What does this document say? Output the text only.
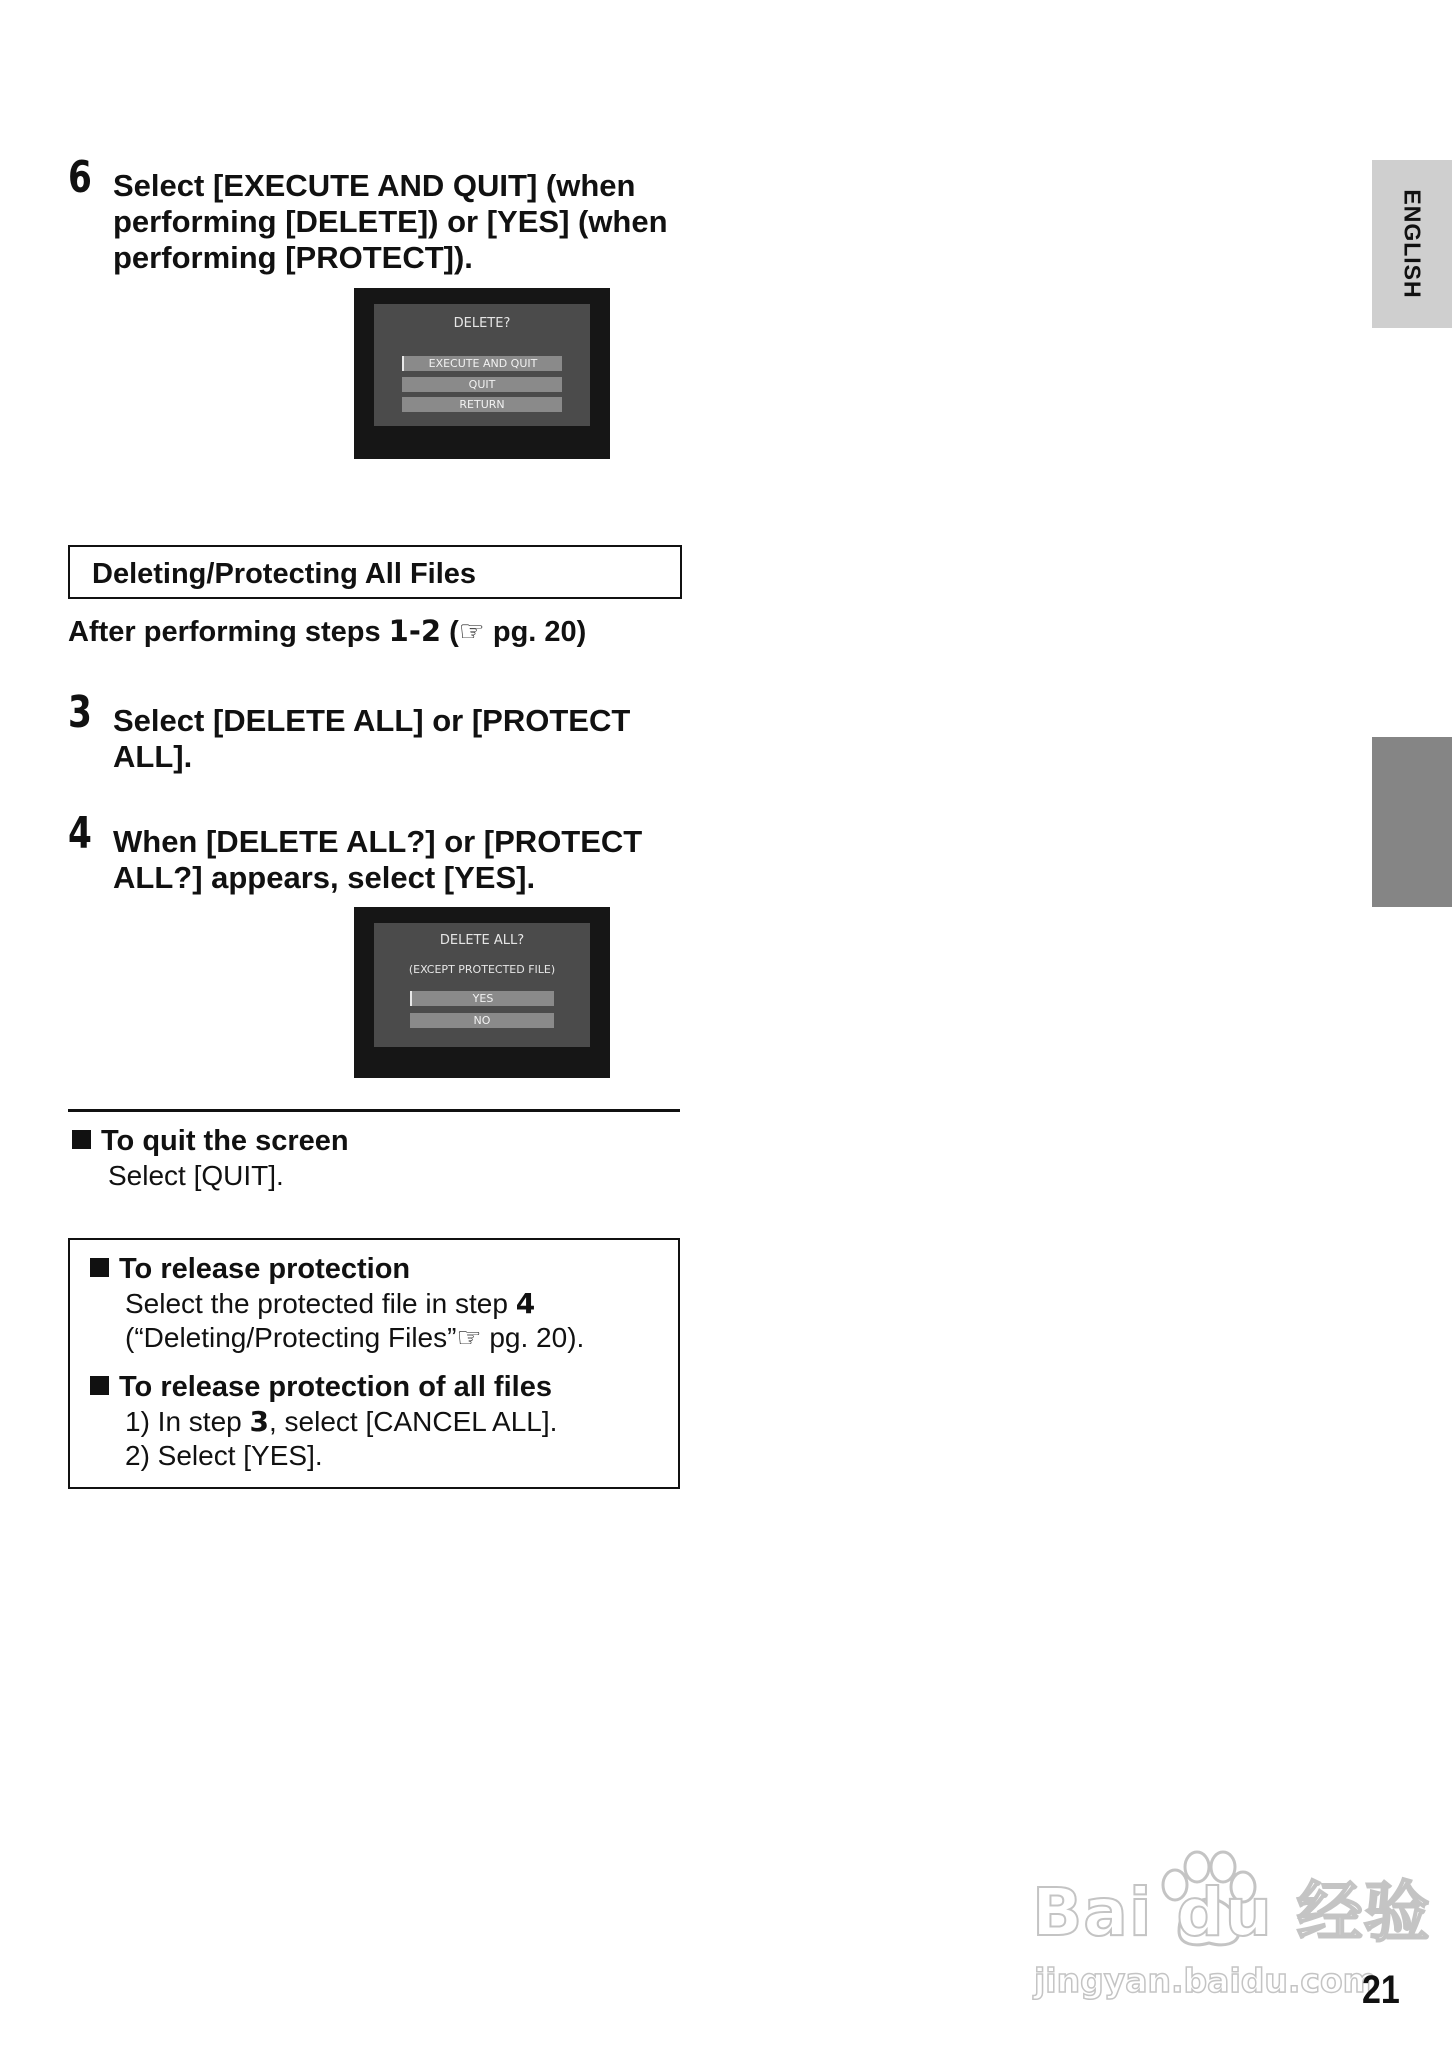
6 Select [EXECUTE AND QUIT] (when performing [DELETE]) or [YES] (when performing [PROTECT]).
DELETE?
EXECUTE AND QUIT
QUIT
RETURN
Deleting/Protecting All Files
After performing steps 1-2 (☞ pg. 20)
3 Select [DELETE ALL] or [PROTECT ALL].
4 When [DELETE ALL?] or [PROTECT ALL?] appears, select [YES].
DELETE ALL?
(EXCEPT PROTECTED FILE)
YES
NO
To quit the screen
Select [QUIT].
To release protection
Select the protected file in step 4
(“Deleting/Protecting Files”☞ pg. 20).
To release protection of all files
1) In step 3, select [CANCEL ALL].
2) Select [YES].
ENGLISH
Bai du 经验
jingyan.baidu.com
21
